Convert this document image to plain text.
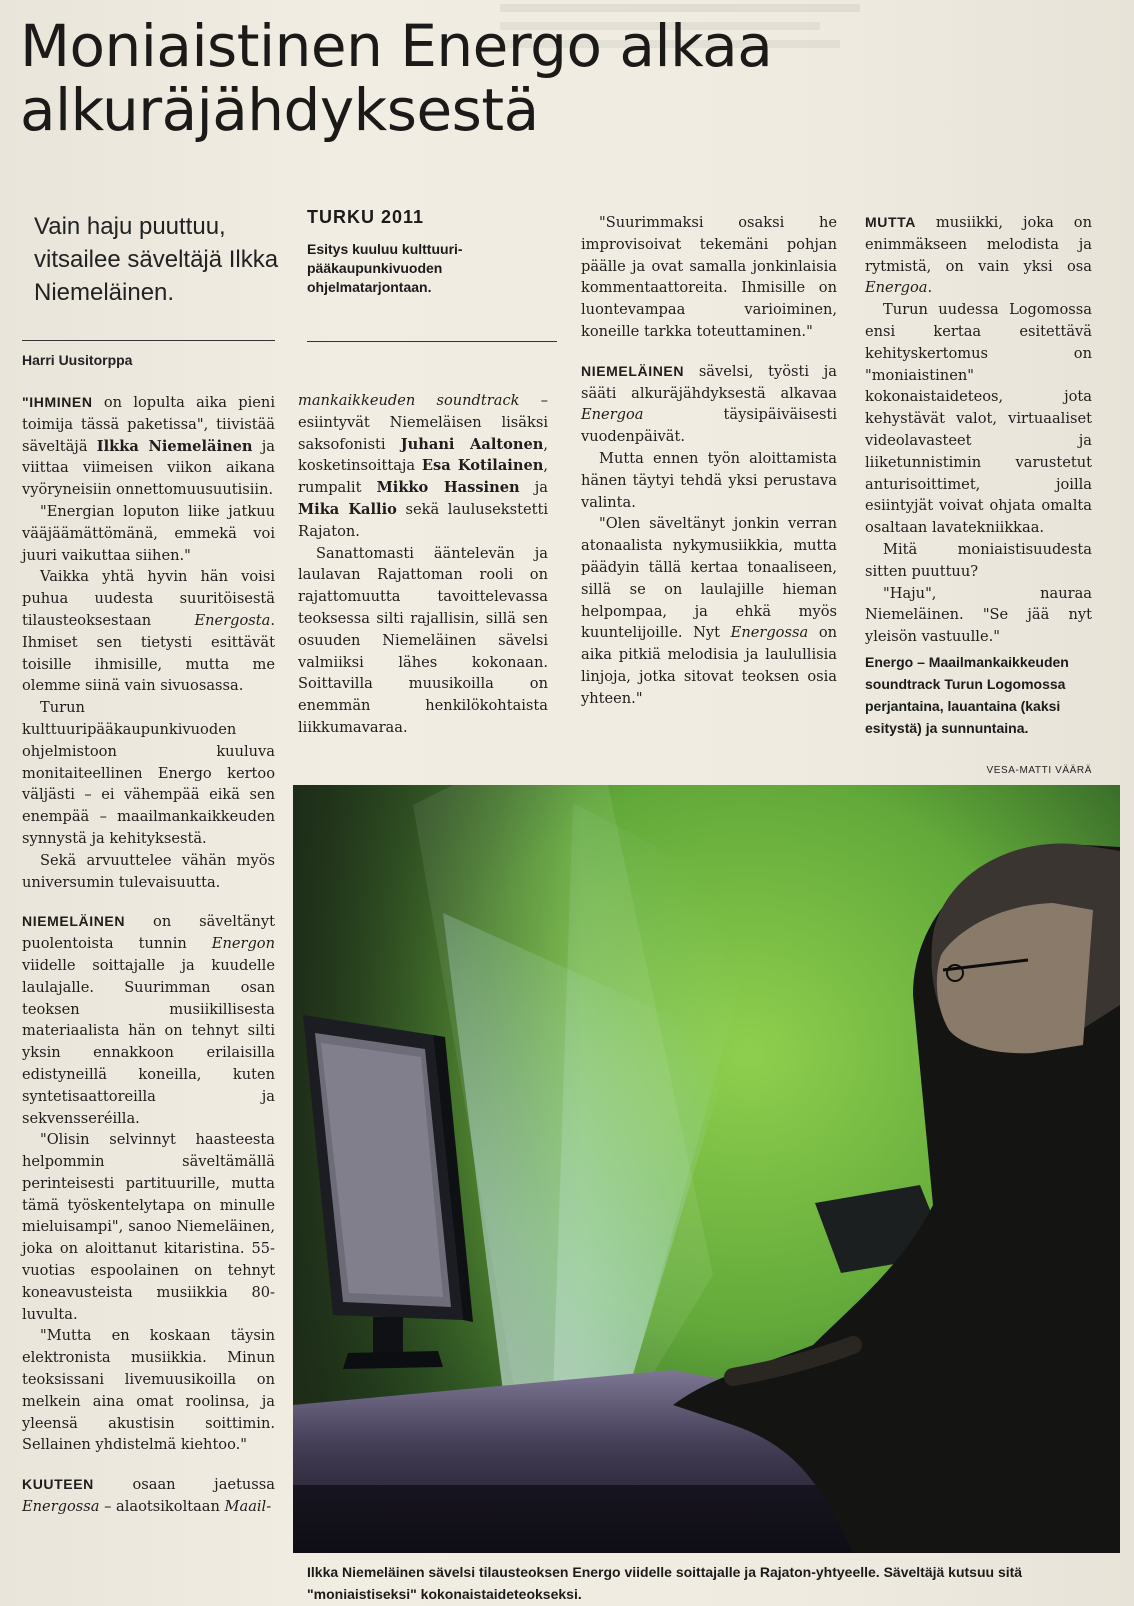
Moniaistinen Energo alkaa alkuräjähdyksestä
Vain haju puuttuu, vitsailee säveltäjä Ilkka Niemeläinen.
Harri Uusitorppa
TURKU 2011
Esitys kuuluu kulttuuri-pääkaupunkivuoden ohjelmatarjontaan.

"IHMINEN on lopulta aika pieni toimija tässä paketissa", tiivistää säveltäjä Ilkka Niemeläinen ja viittaa viimeisen viikon aikana vyöryneisiin onnettomuusuutisiin.

"Energian loputon liike jatkuu vääjäämättömänä, emmekä voi juuri vaikuttaa siihen."

Vaikka yhtä hyvin hän voisi puhua uudesta suuritöisestä tilausteoksestaan Energosta. Ihmiset sen tietysti esittävät toisille ihmisille, mutta me olemme siinä vain sivuosassa.

Turun kulttuuripääkaupunkivuoden ohjelmistoon kuuluva monitaiteellinen Energo kertoo väljästi – ei vähempää eikä sen enempää – maailmankaikkeuden synnystä ja kehityksestä.

Sekä arvuuttelee vähän myös universumin tulevaisuutta.

NIEMELÄINEN on säveltänyt puolentoista tunnin Energon viidelle soittajalle ja kuudelle laulajalle. Suurimman osan teoksen musiikillisesta materiaalista hän on tehnyt silti yksin ennakkoon erilaisilla edistyneillä koneilla, kuten syntetisaattoreilla ja sekvensseréilla.

"Olisin selvinnyt haasteesta helpommin säveltämällä perinteisesti partituurille, mutta tämä työskentelytapa on minulle mieluisampi", sanoo Niemeläinen, joka on aloittanut kitaristina. 55-vuotias espoolainen on tehnyt koneavusteista musiikkia 80-luvulta.

"Mutta en koskaan täysin elektronista musiikkia. Minun teoksissani livemuusikoilla on melkein aina omat roolinsa, ja yleensä akustisin soittimin. Sellainen yhdistelmä kiehtoo."

KUUTEEN osaan jaetussa Energossa – alaotsikoltaan Maail-

mankaikkeuden soundtrack – esiintyvät Niemeläisen lisäksi saksofonisti Juhani Aaltonen, kosketinsoittaja Esa Kotilainen, rumpalit Mikko Hassinen ja Mika Kallio sekä laulusekstetti Rajaton.

Sanattomasti ääntelevän ja laulavan Rajattoman rooli on rajattomuutta tavoittelevassa teoksessa silti rajallisin, sillä sen osuuden Niemeläinen sävelsi valmiiksi lähes kokonaan. Soittavilla muusikoilla on enemmän henkilökohtaista liikkumavaraa.

"Suurimmaksi osaksi he improvisoivat tekemäni pohjan päälle ja ovat samalla jonkinlaisia kommentaattoreita. Ihmisille on luontevampaa varioiminen, koneille tarkka toteuttaminen."

NIEMELÄINEN sävelsi, työsti ja sääti alkuräjähdyksestä alkavaa Energoa täysipäiväisesti vuodenpäivät.

Mutta ennen työn aloittamista hänen täytyi tehdä yksi perustava valinta.

"Olen säveltänyt jonkin verran atonaalista nykymusiikkia, mutta päädyin tällä kertaa tonaaliseen, sillä se on laulajille hieman helpompaa, ja ehkä myös kuuntelijoille. Nyt Energossa on aika pitkiä melodisia ja laulullisia linjoja, jotka sitovat teoksen osia yhteen."

MUTTA musiikki, joka on enimmäkseen melodista ja rytmistä, on vain yksi osa Energoa.

Turun uudessa Logomossa ensi kertaa esitettävä kehityskertomus on "moniaistinen" kokonaistaideteos, jota kehystävät valot, virtuaaliset videolavasteet ja liiketunnistimin varustetut anturisoittimet, joilla esiintyjät voivat ohjata omalta osaltaan lavatekniikkaa.

Mitä moniaistisuudesta sitten puuttuu?

"Haju", nauraa Niemeläinen. "Se jää nyt yleisön vastuulle."

Energo – Maailmankaikkeuden soundtrack Turun Logomossa perjantaina, lauantaina (kaksi esitystä) ja sunnuntaina.
VESA-MATTI VÄÄRÄ
Ilkka Niemeläinen sävelsi tilausteoksen Energo viidelle soittajalle ja Rajaton-yhtyeelle. Säveltäjä kutsuu sitä "moniaistiseksi" kokonaistaideteokseksi.
